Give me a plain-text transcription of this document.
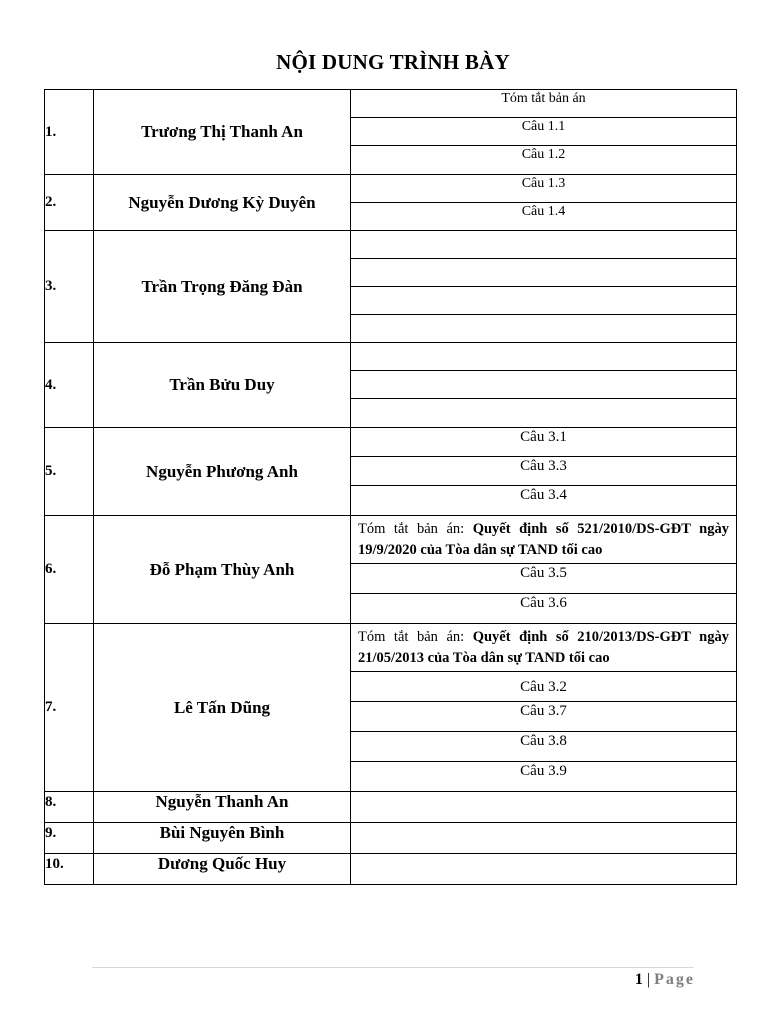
NỘI DUNG TRÌNH BÀY
1.	Trương Thị Thanh An	Tóm tắt bản án
		Câu 1.1
		Câu 1.2
2.	Nguyễn Dương Kỳ Duyên	Câu 1.3
		Câu 1.4
3.	Trần Trọng Đăng Đàn	

4.	Trần Bửu Duy	

5.	Nguyễn Phương Anh	Câu 3.1
		Câu 3.3
		Câu 3.4
6.	Đỗ Phạm Thùy Anh	Tóm tắt bản án: Quyết định số 521/2010/DS-GĐT ngày 19/9/2020 của Tòa dân sự TAND tối cao
		Câu 3.5
		Câu 3.6
7.	Lê Tấn Dũng	Tóm tắt bản án: Quyết định số 210/2013/DS-GĐT ngày 21/05/2013 của Tòa dân sự TAND tối cao
		Câu 3.2
		Câu 3.7
		Câu 3.8
		Câu 3.9
8.	Nguyễn Thanh An	
9.	Bùi Nguyên Bình	
10.	Dương Quốc Huy	
1 | Page
